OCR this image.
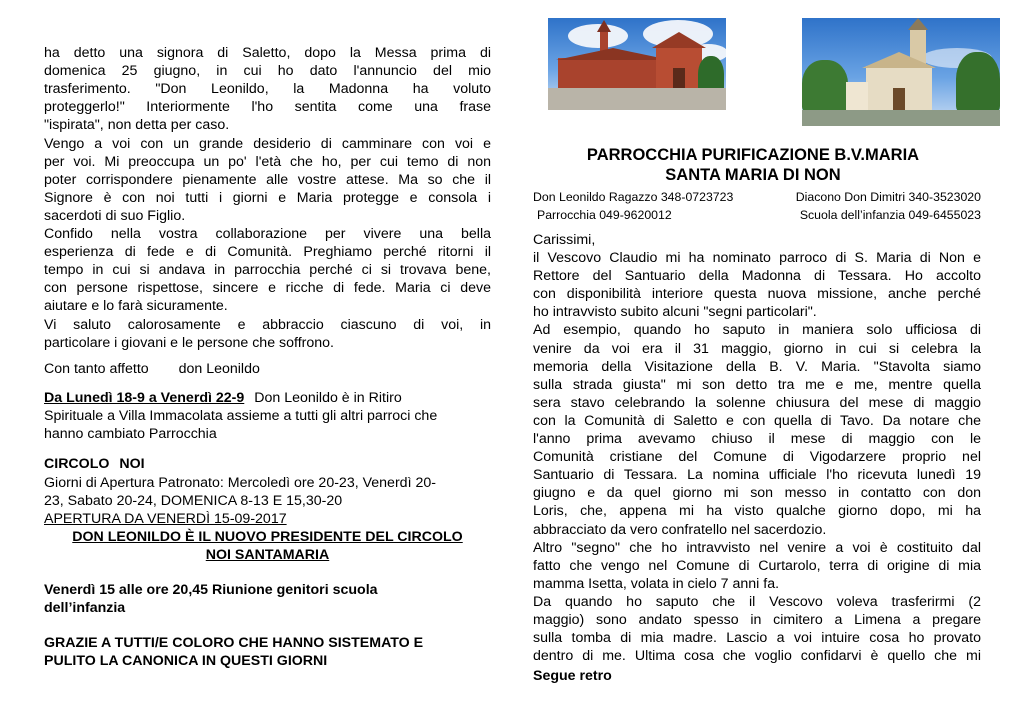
ha detto una signora di Saletto, dopo la Messa prima di
domenica 25 giugno, in cui ho dato l'annuncio del mio
trasferimento. "Don Leonildo, la Madonna ha voluto
proteggerlo!" Interiormente l'ho sentita come una frase
"ispirata", non detta per caso.
Vengo a voi con un grande desiderio di camminare con voi e
per voi. Mi preoccupa un po' l'età che ho, per cui temo di non
poter corrispondere pienamente alle vostre attese. Ma so che il
Signore è con noi tutti i giorni e Maria protegge e consola i
sacerdoti di suo Figlio.
Confido nella vostra collaborazione per vivere una bella
esperienza di fede e di Comunità. Preghiamo perché ritorni il
tempo in cui si andava in parrocchia perché ci si trovava bene,
con persone rispettose, sincere e ricche di fede. Maria ci deve
aiutare e lo farà sicuramente.
Vi saluto calorosamente e abbraccio ciascuno di voi, in
particolare i giovani e le persone che soffrono.
Con tanto affetto don Leonildo
Da Lunedì 18-9 a Venerdì 22-9 Don Leonildo è in Ritiro
Spirituale a Villa Immacolata assieme a tutti gli altri parroci che
hanno cambiato Parrocchia
CIRCOLO NOI
Giorni di Apertura Patronato: Mercoledì ore 20-23, Venerdì 20-
23, Sabato 20-24, DOMENICA 8-13 E 15,30-20
APERTURA DA VENERDÌ 15-09-2017
DON LEONILDO È IL NUOVO PRESIDENTE DEL CIRCOLO
NOI SANTAMARIA
Venerdì 15 alle ore 20,45 Riunione genitori scuola
dell’infanzia
GRAZIE A TUTTI/E COLORO CHE HANNO SISTEMATO E
PULITO LA CANONICA IN QUESTI GIORNI
PARROCCHIA PURIFICAZIONE B.V.MARIA
SANTA MARIA DI NON
Don Leonildo Ragazzo 348-0723723	Diacono Don Dimitri 340-3523020
Parrocchia 049-9620012	Scuola dell’infanzia 049-6455023
Carissimi,
il Vescovo Claudio mi ha nominato parroco di S. Maria di Non e
Rettore del Santuario della Madonna di Tessara. Ho accolto
con disponibilità interiore questa nuova missione, anche perché
ho intravvisto subito alcuni "segni particolari".
Ad esempio, quando ho saputo in maniera solo ufficiosa di
venire da voi era il 31 maggio, giorno in cui si celebra la
memoria della Visitazione della B. V. Maria. "Stavolta siamo
sulla strada giusta" mi son detto tra me e me, mentre quella
sera stavo celebrando la solenne chiusura del mese di maggio
con la Comunità di Saletto e con quella di Tavo. Da notare che
l'anno prima avevamo chiuso il mese di maggio con le
Comunità cristiane del Comune di Vigodarzere proprio nel
Santuario di Tessara. La nomina ufficiale l'ho ricevuta lunedì 19
giugno e da quel giorno mi son messo in contatto con don
Loris, che, appena mi ha visto qualche giorno dopo, mi ha
abbracciato da vero confratello nel sacerdozio.
Altro "segno" che ho intravvisto nel venire a voi è costituito dal
fatto che vengo nel Comune di Curtarolo, terra di origine di mia
mamma Isetta, volata in cielo 7 anni fa.
Da quando ho saputo che il Vescovo voleva trasferirmi (2
maggio) sono andato spesso in cimitero a Limena a pregare
sulla tomba di mia madre. Lascio a voi intuire cosa ho provato
dentro di me. Ultima cosa che voglio confidarvi è quello che mi
Segue retro
